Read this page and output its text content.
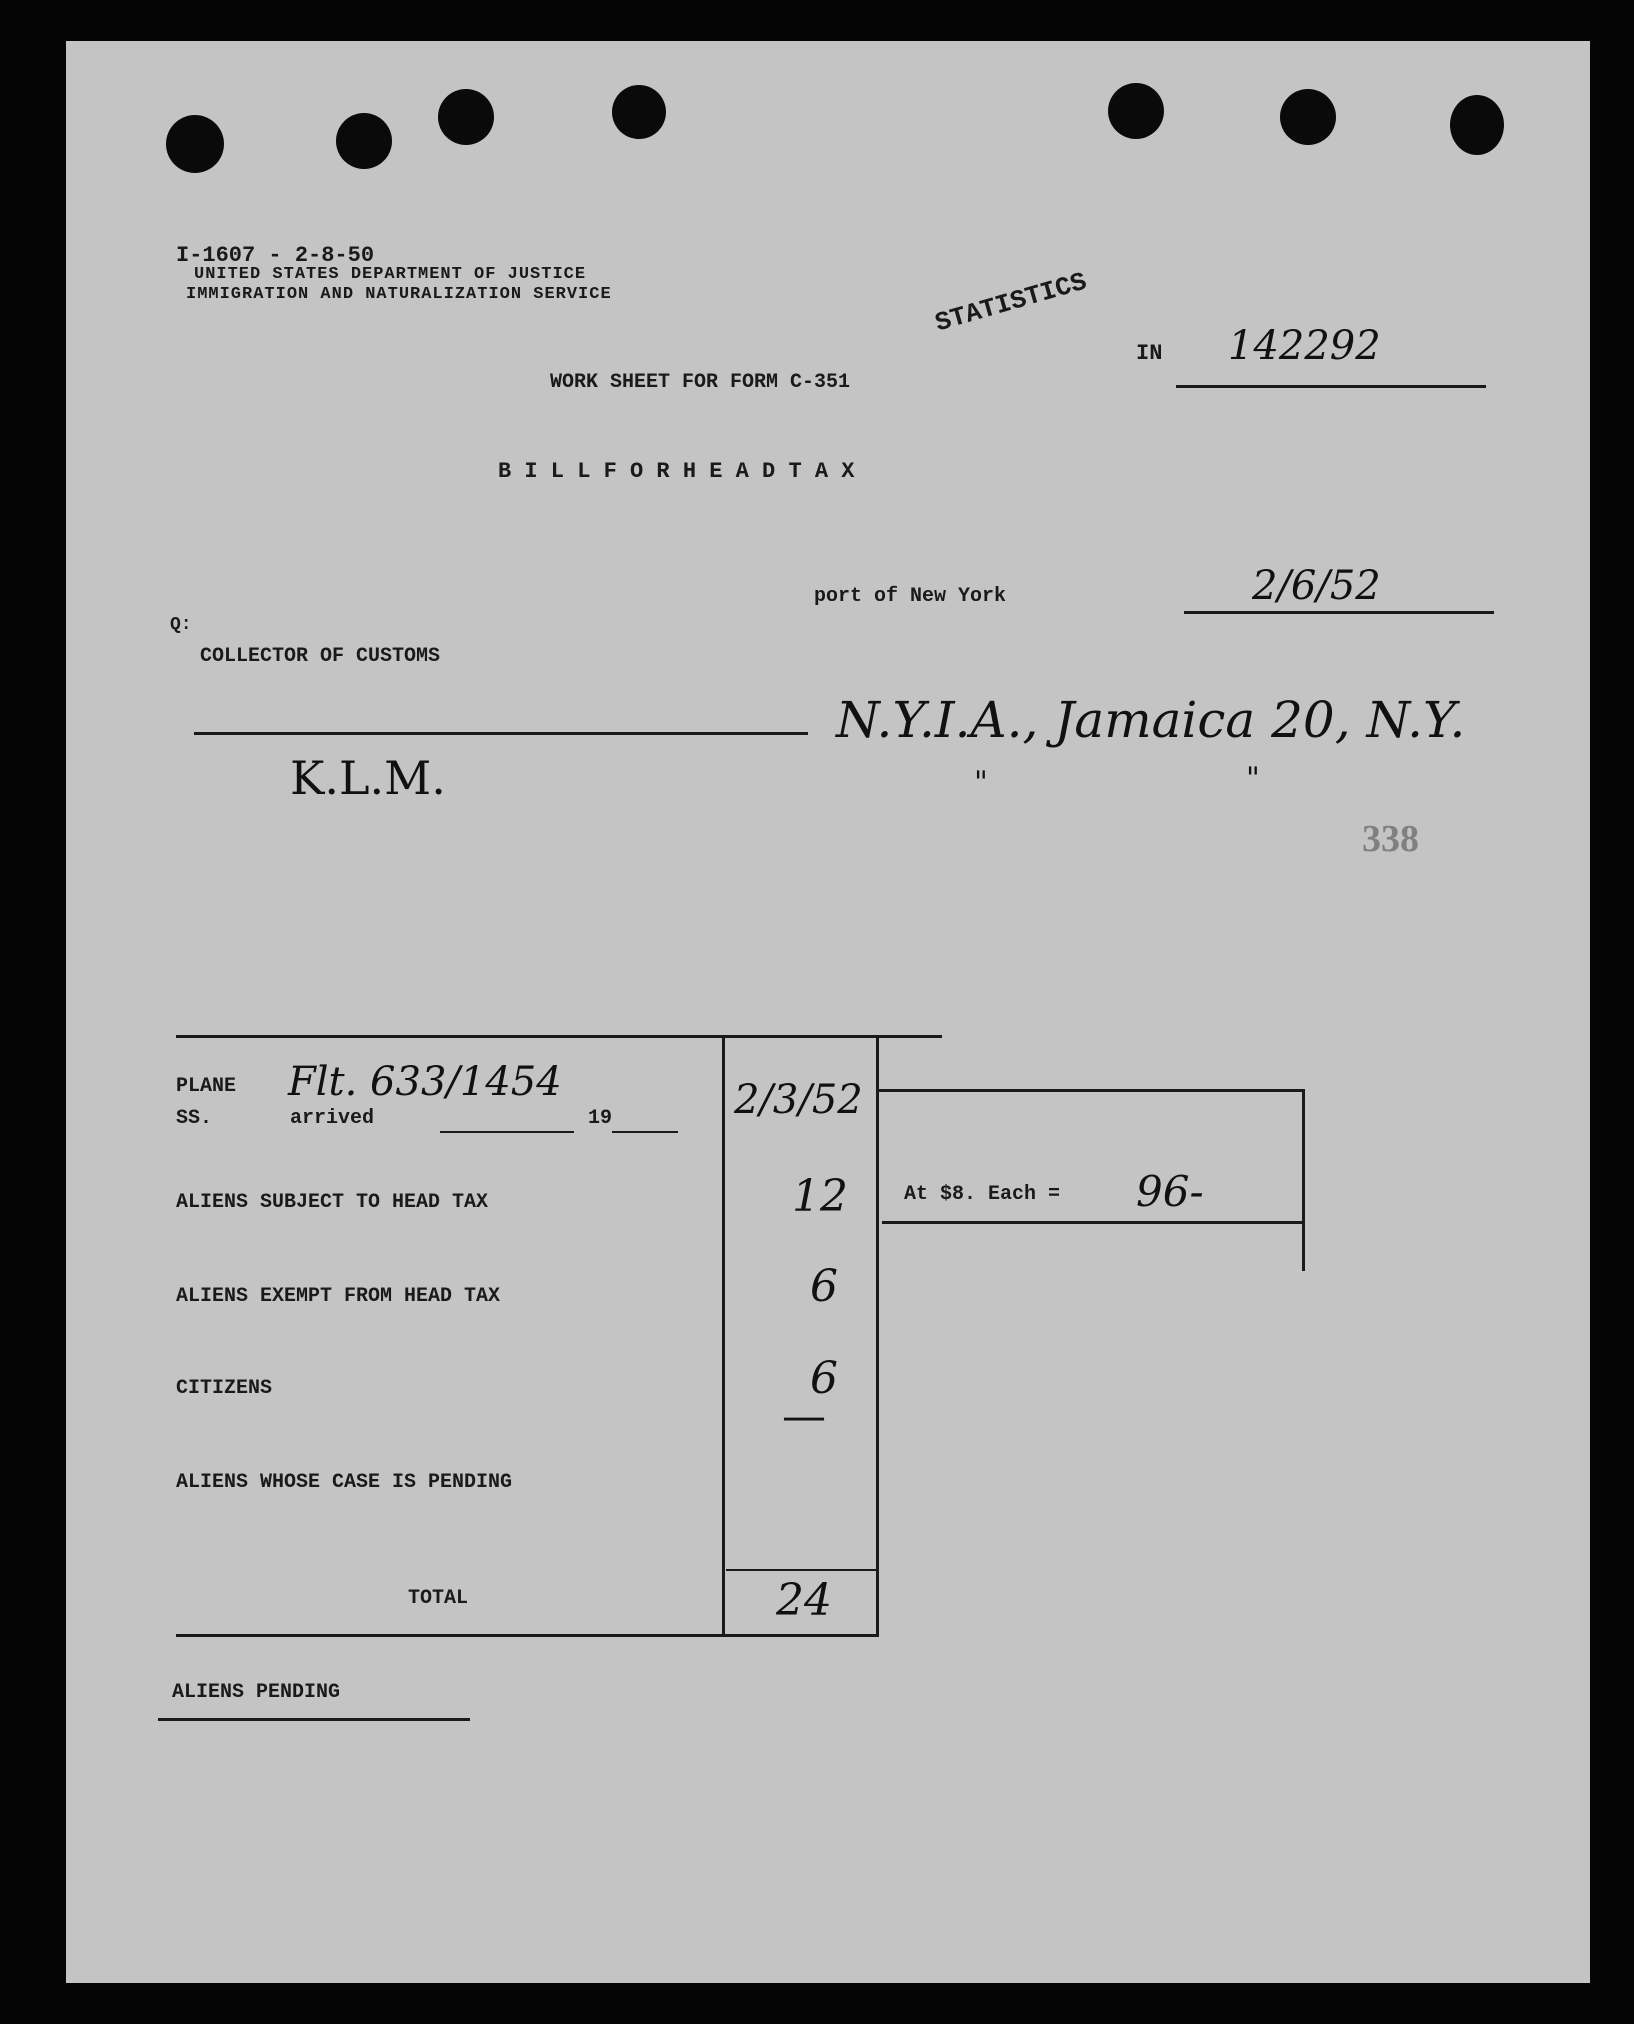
I-1607 - 2-8-50
UNITED STATES DEPARTMENT OF JUSTICE
IMMIGRATION AND NATURALIZATION SERVICE	STATISTICS
IN 142292
WORK SHEET FOR FORM C-351
B I L L F O R H E A D T A X
port of New York	2/6/52
Q:
COLLECTOR OF CUSTOMS
N.Y.I.A., Jamaica 20, N.Y.
K.L.M.	"	"
338
PLANE Flt. 633/1454
SS.	arrived	19	2/3/52
ALIENS SUBJECT TO HEAD TAX	12
ALIENS EXEMPT FROM HEAD TAX	6
CITIZENS	6
ALIENS WHOSE CASE IS PENDING
—
TOTAL	24
At $8. Each = 96-
ALIENS PENDING
